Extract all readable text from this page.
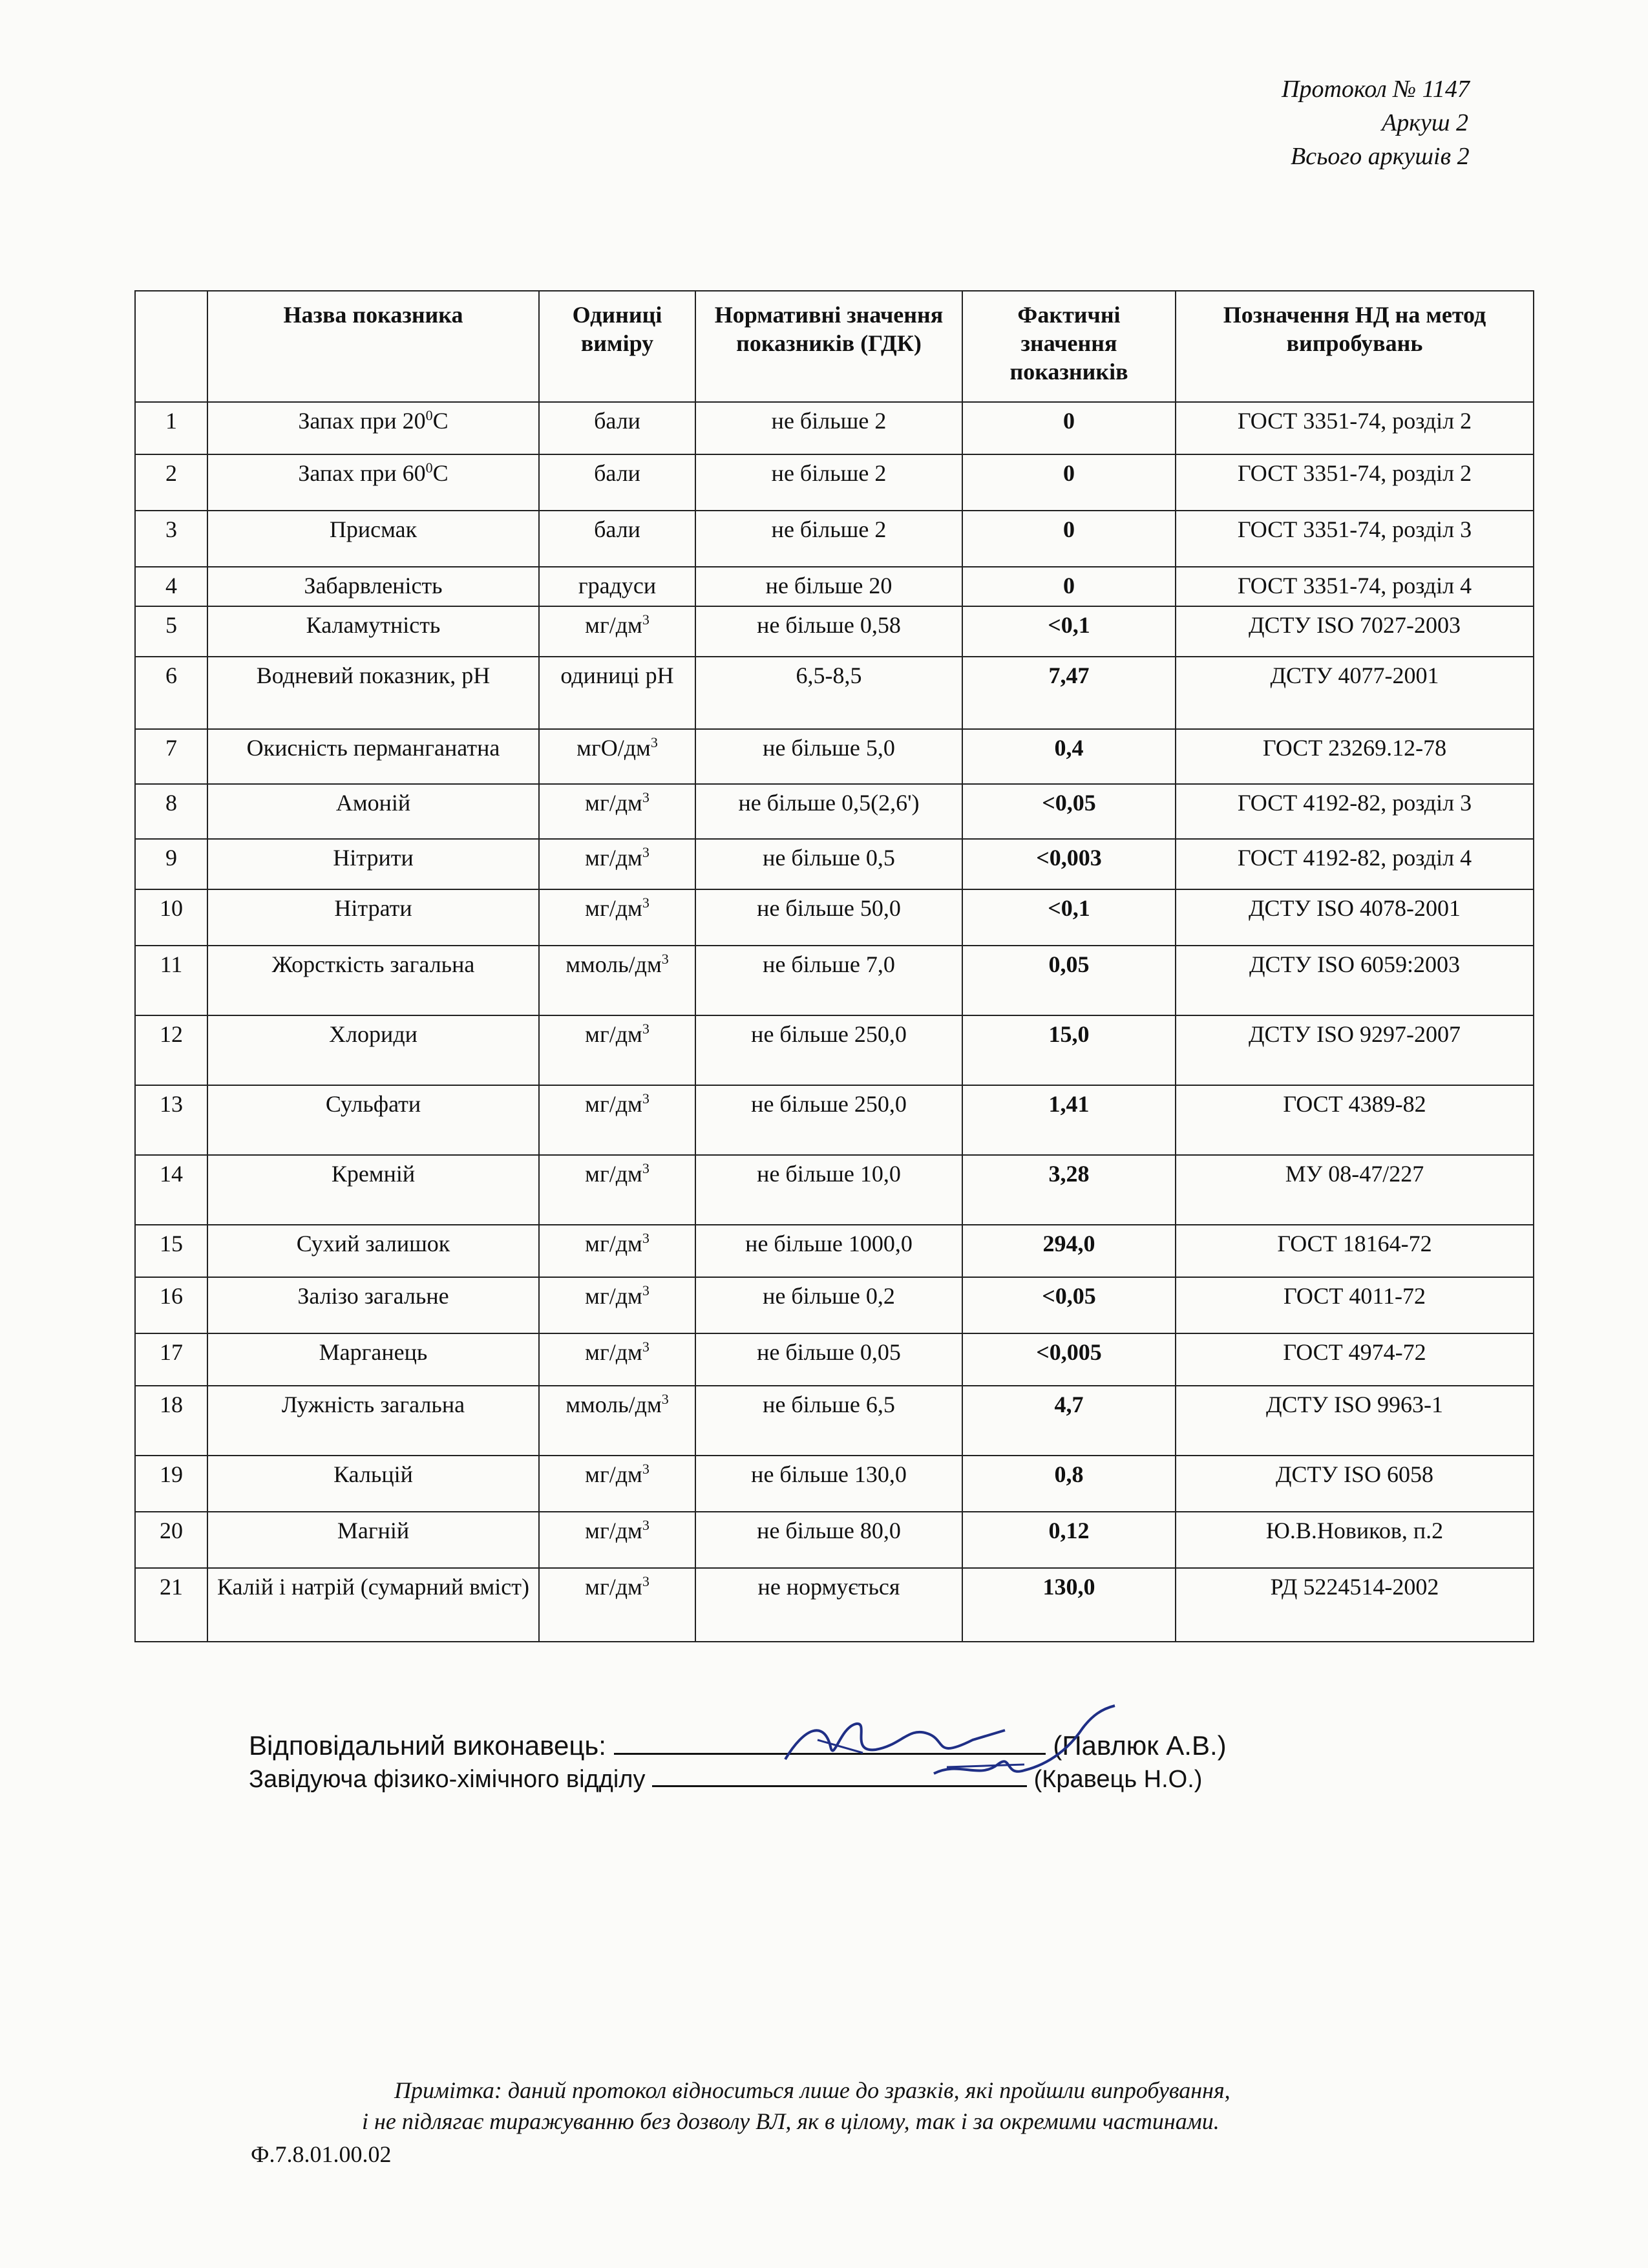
Протокол № 1147
Аркуш 2
Всього аркушів 2
	Назва показника	Одиниці виміру	Нормативні значення показників (ГДК)	Фактичні значення показників	Позначення НД на метод випробувань
1	Запах при $20^0С$	бали	не більше 2	0	ГОСТ 3351-74, розділ 2
2	Запах при $60^0С$	бали	не більше 2	0	ГОСТ 3351-74, розділ 2
3	Присмак	бали	не більше 2	0	ГОСТ 3351-74, розділ 3
4	Забарвленість	градуси	не більше 20	0	ГОСТ 3351-74, розділ 4
5	Каламутність	$мг/дм^3$	не більше 0,58	<0,1	ДСТУ ISO 7027-2003
6	Водневий показник, рН	одиниці рН	6,5-8,5	7,47	ДСТУ 4077-2001
7	Окисність перманганатна	мгО/$дм^3$	не більше 5,0	0,4	ГОСТ 23269.12-78
8	Амоній	$мг/дм^3$	не більше 0,5(2,6')	<0,05	ГОСТ 4192-82, розділ 3
9	Нітрити	$мг/дм^3$	не більше 0,5	<0,003	ГОСТ 4192-82, розділ 4
10	Нітрати	$мг/дм^3$	не більше 50,0	<0,1	ДСТУ ISO 4078-2001
11	Жорсткість загальна	ммоль/$дм^3$	не більше 7,0	0,05	ДСТУ ISO 6059:2003
12	Хлориди	$мг/дм^3$	не більше 250,0	15,0	ДСТУ ISO 9297-2007
13	Сульфати	$мг/дм^3$	не більше 250,0	1,41	ГОСТ 4389-82
14	Кремній	$мг/дм^3$	не більше 10,0	3,28	МУ 08-47/227
15	Сухий залишок	$мг/дм^3$	не більше 1000,0	294,0	ГОСТ 18164-72
16	Залізо загальне	$мг/дм^3$	не більше 0,2	<0,05	ГОСТ 4011-72
17	Марганець	$мг/дм^3$	не більше 0,05	<0,005	ГОСТ 4974-72
18	Лужність загальна	ммоль/$дм^3$	не більше 6,5	4,7	ДСТУ ISO 9963-1
19	Кальцій	$мг/дм^3$	не більше 130,0	0,8	ДСТУ ISO 6058
20	Магній	$мг/дм^3$	не більше 80,0	0,12	Ю.В.Новиков, п.2
21	Калій і натрій (сумарний вміст)	$мг/дм^3$	не нормується	130,0	РД 5224514-2002
Відповідальний виконавець:	(Павлюк А.В.)
Завідуюча фізико-хімічного відділу	(Кравець Н.О.)
Примітка: даний протокол відноситься лише до зразків, які пройшли випробування,
і не підлягає тиражуванню без дозволу ВЛ, як в цілому, так і за окремими частинами.
Ф.7.8.01.00.02
